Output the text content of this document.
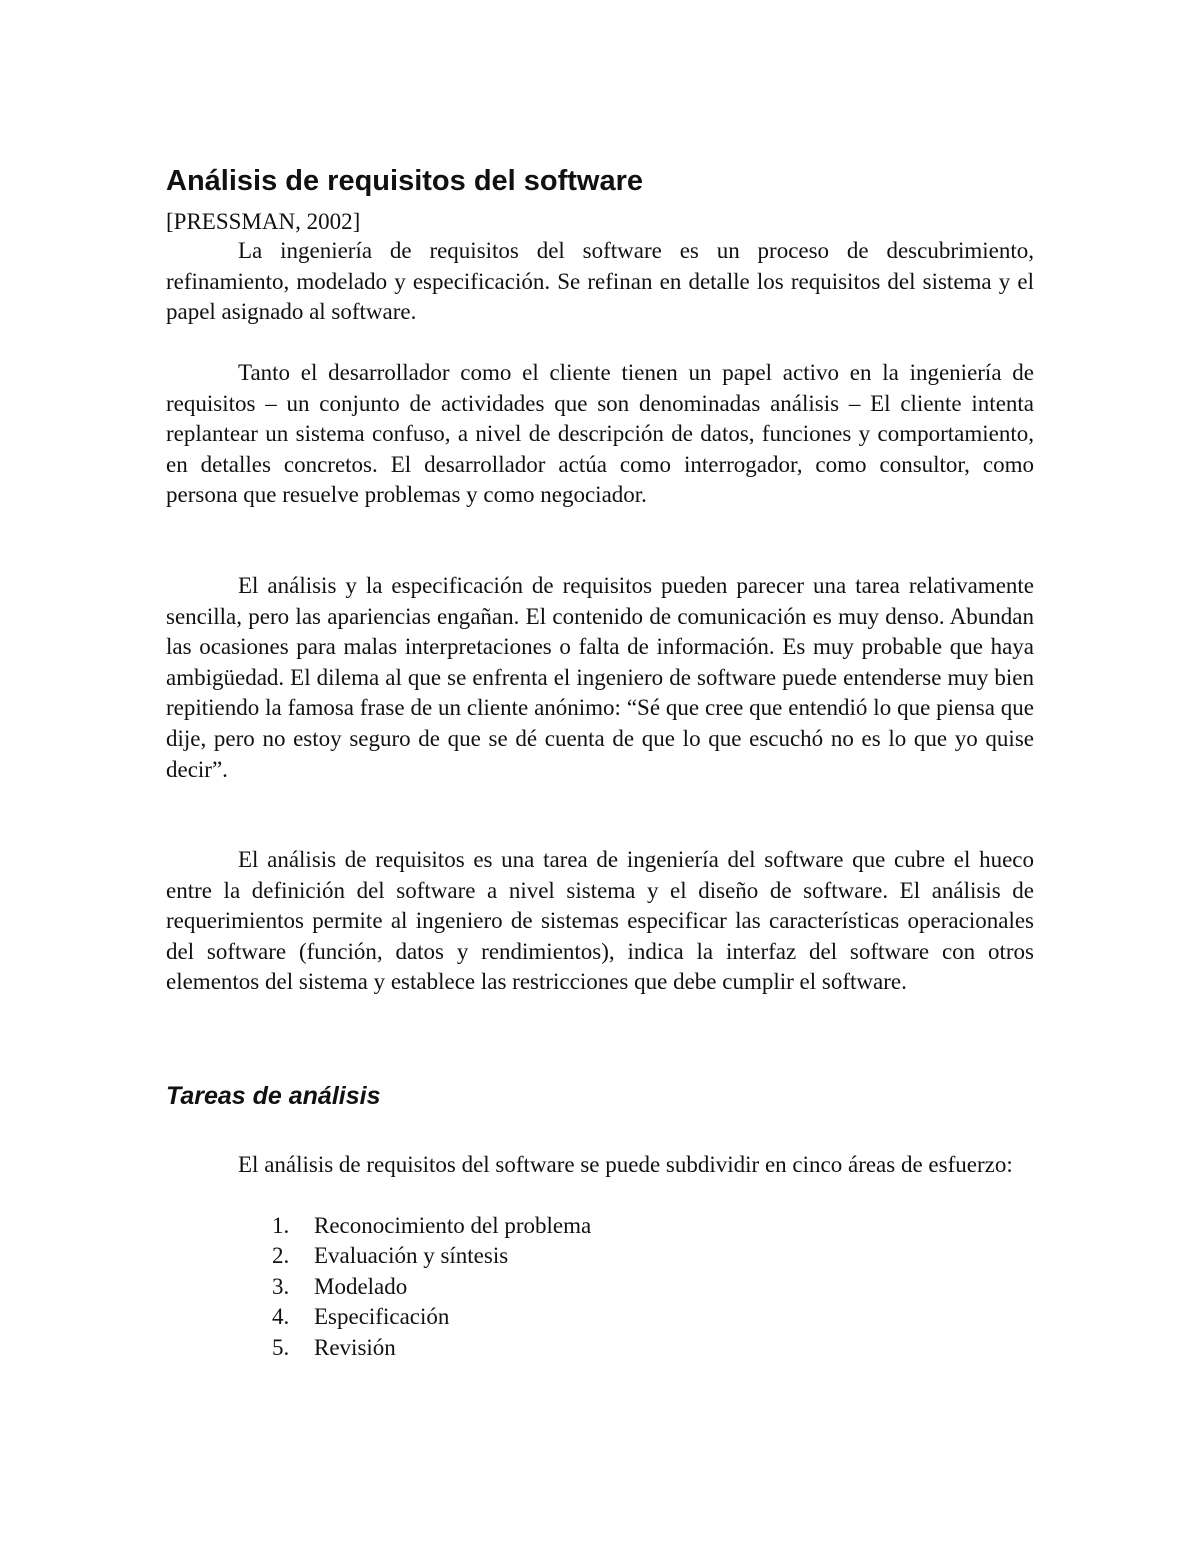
Análisis de requisitos del software

[PRESSMAN, 2002]

La ingeniería de requisitos del software es un proceso de descubrimiento, refinamiento, modelado y especificación. Se refinan en detalle los requisitos del sistema y el papel asignado al software.

Tanto el desarrollador como el cliente tienen un papel activo en la ingeniería de requisitos – un conjunto de actividades que son denominadas análisis – El cliente intenta replantear un sistema confuso, a nivel de descripción de datos, funciones y comportamiento, en detalles concretos. El desarrollador actúa como interrogador, como consultor, como persona que resuelve problemas y como negociador.

El análisis y la especificación de requisitos pueden parecer una tarea relativamente sencilla, pero las apariencias engañan. El contenido de comunicación es muy denso. Abundan las ocasiones para malas interpretaciones o falta de información. Es muy probable que haya ambigüedad. El dilema al que se enfrenta el ingeniero de software puede entenderse muy bien repitiendo la famosa frase de un cliente anónimo: “Sé que cree que entendió lo que piensa que dije, pero no estoy seguro de que se dé cuenta de que lo que escuchó no es lo que yo quise decir”.

El análisis de requisitos es una tarea de ingeniería del software que cubre el hueco entre la definición del software a nivel sistema y el diseño de software. El análisis de requerimientos permite al ingeniero de sistemas especificar las características operacionales del software (función, datos y rendimientos), indica la interfaz del software con otros elementos del sistema y establece las restricciones que debe cumplir el software.

Tareas de análisis

El análisis de requisitos del software se puede subdividir en cinco áreas de esfuerzo:

1. Reconocimiento del problema
2. Evaluación y síntesis
3. Modelado
4. Especificación
5. Revisión
